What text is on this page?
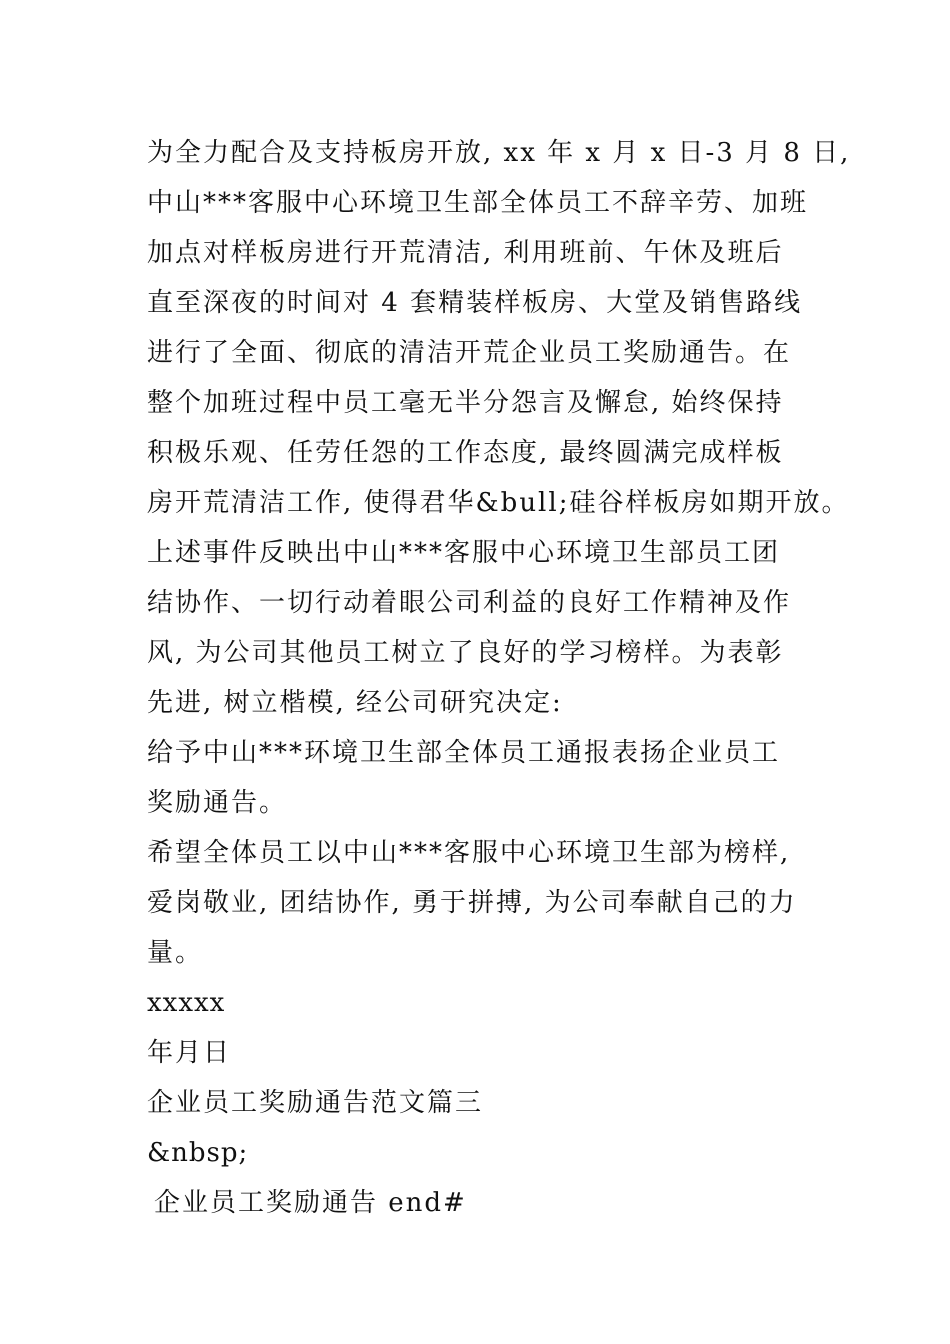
为全力配合及支持板房开放, xx 年 x 月 x 日-3 月 8 日,
中山***客服中心环境卫生部全体员工不辞辛劳、加班
加点对样板房进行开荒清洁, 利用班前、午休及班后
直至深夜的时间对 4 套精装样板房、大堂及销售路线
进行了全面、彻底的清洁开荒企业员工奖励通告。在
整个加班过程中员工毫无半分怨言及懈怠, 始终保持
积极乐观、任劳任怨的工作态度, 最终圆满完成样板
房开荒清洁工作, 使得君华&bull;硅谷样板房如期开放。
上述事件反映出中山***客服中心环境卫生部员工团
结协作、一切行动着眼公司利益的良好工作精神及作
风, 为公司其他员工树立了良好的学习榜样。为表彰
先进, 树立楷模, 经公司研究决定:
给予中山***环境卫生部全体员工通报表扬企业员工
奖励通告。
希望全体员工以中山***客服中心环境卫生部为榜样,
爱岗敬业, 团结协作, 勇于拼搏, 为公司奉献自己的力
量。
xxxxx
年月日
企业员工奖励通告范文篇三
&nbsp;
企业员工奖励通告 end#
